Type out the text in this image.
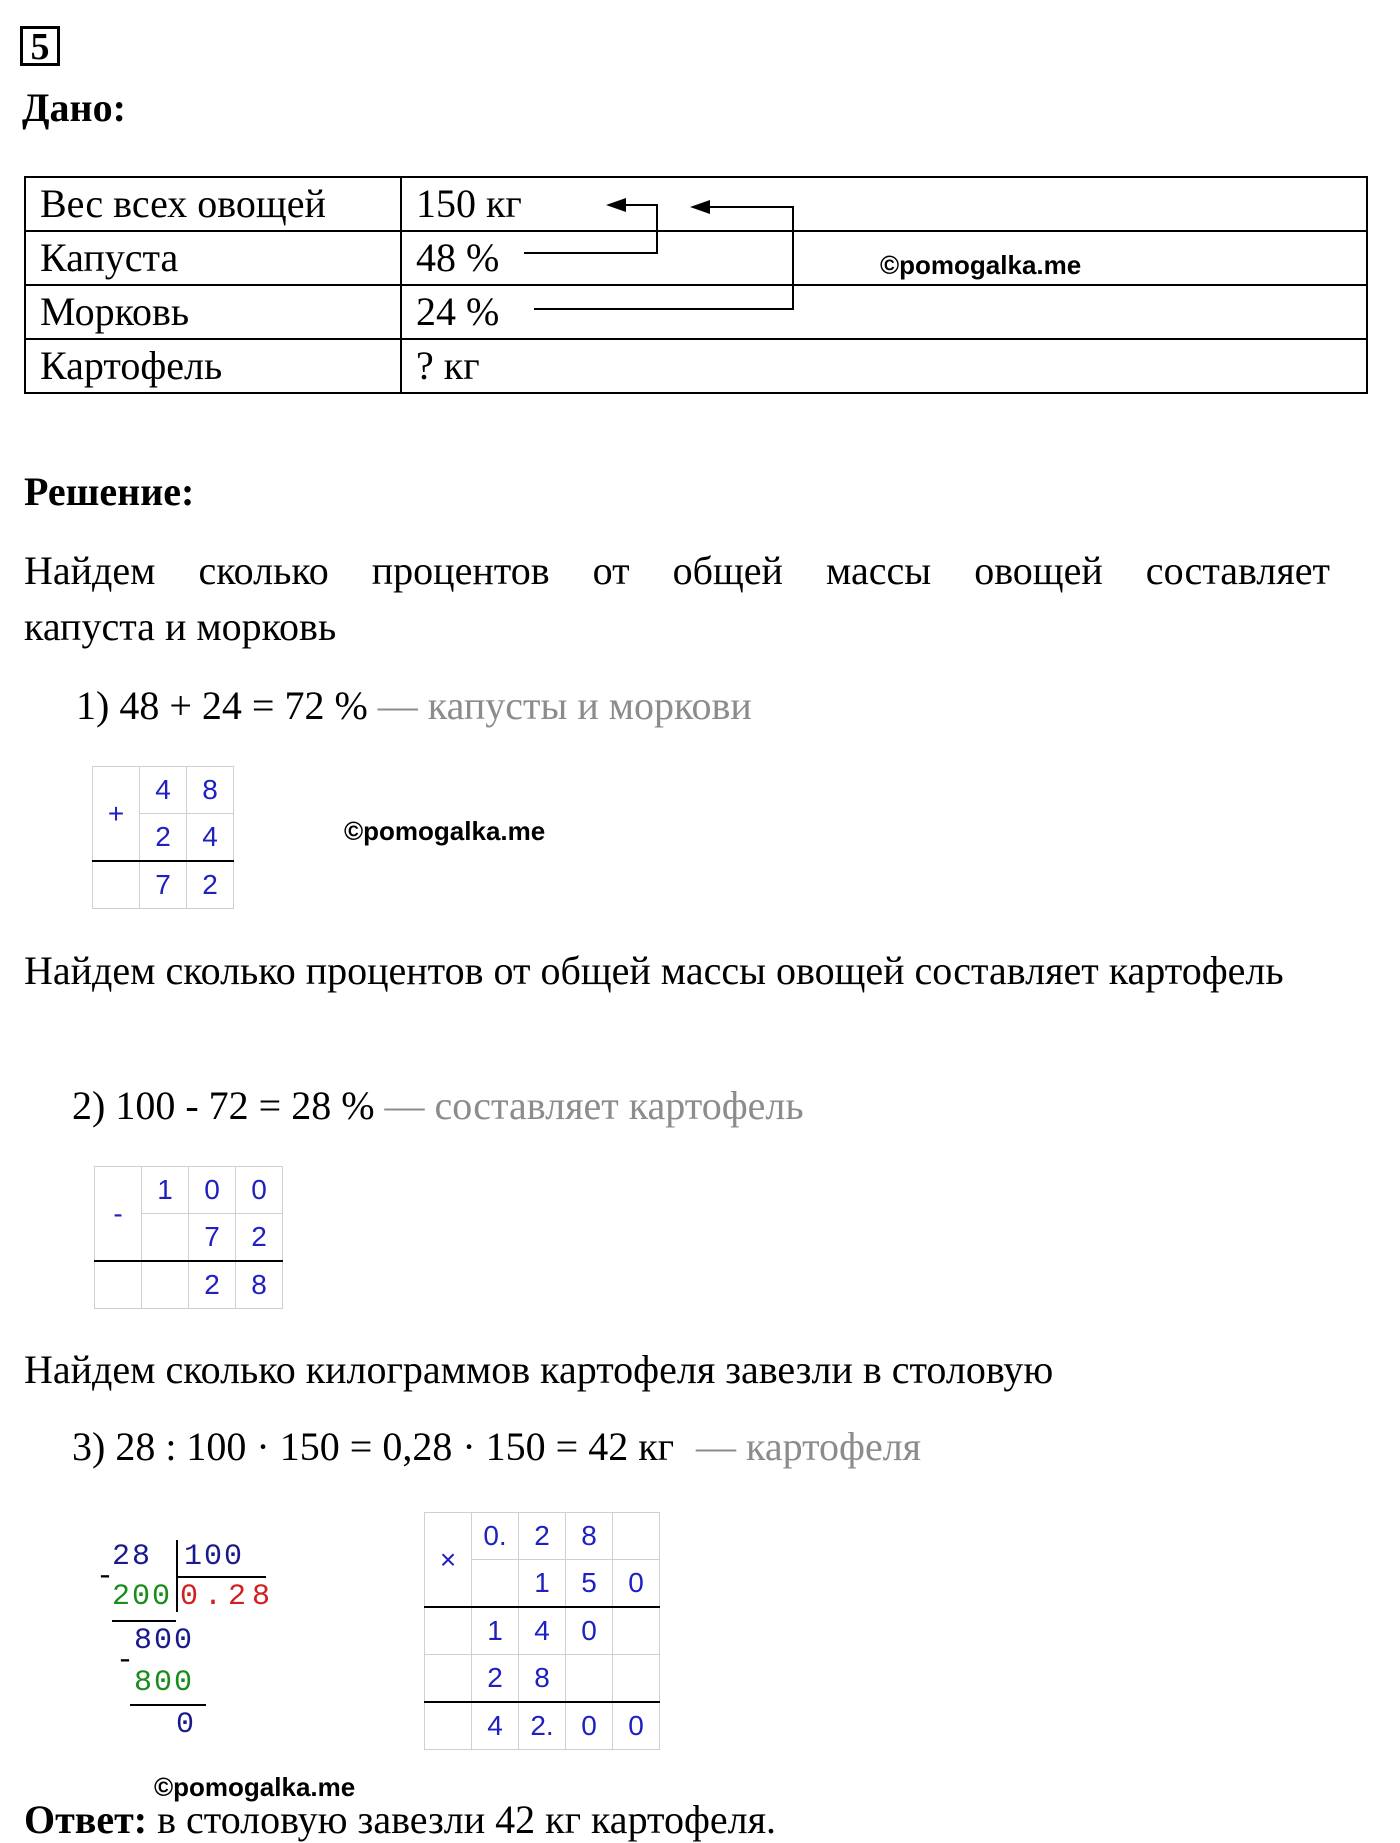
5
Дано:
Вес всех овощей	150 кг
Капуста	48 %
Морковь	24 %
Картофель	? кг
©pomogalka.me
Решение:
Найдем сколько процентов от общей массы овощей составляет
капуста и морковь
1) 48 + 24 = 72 % — капусты и моркови
+	4	8
	2	4
	7	2
©pomogalka.me
Найдем сколько процентов от общей массы овощей составляет картофель
2) 100 - 72 = 28 % — составляет картофель
-	1	0	0
		7	2
		2	8
Найдем сколько килограммов картофеля завезли в столовую
3) 28 : 100 · 150 = 0,28 · 150 = 42 кг — картофеля
28 100
-
200 0.28
800
-
800
0
×	0.	2	8	
		1	5	0
	1	4	0	
	2	8		
	4	2.	0	0
©pomogalka.me
Ответ: в столовую завезли 42 кг картофеля.
